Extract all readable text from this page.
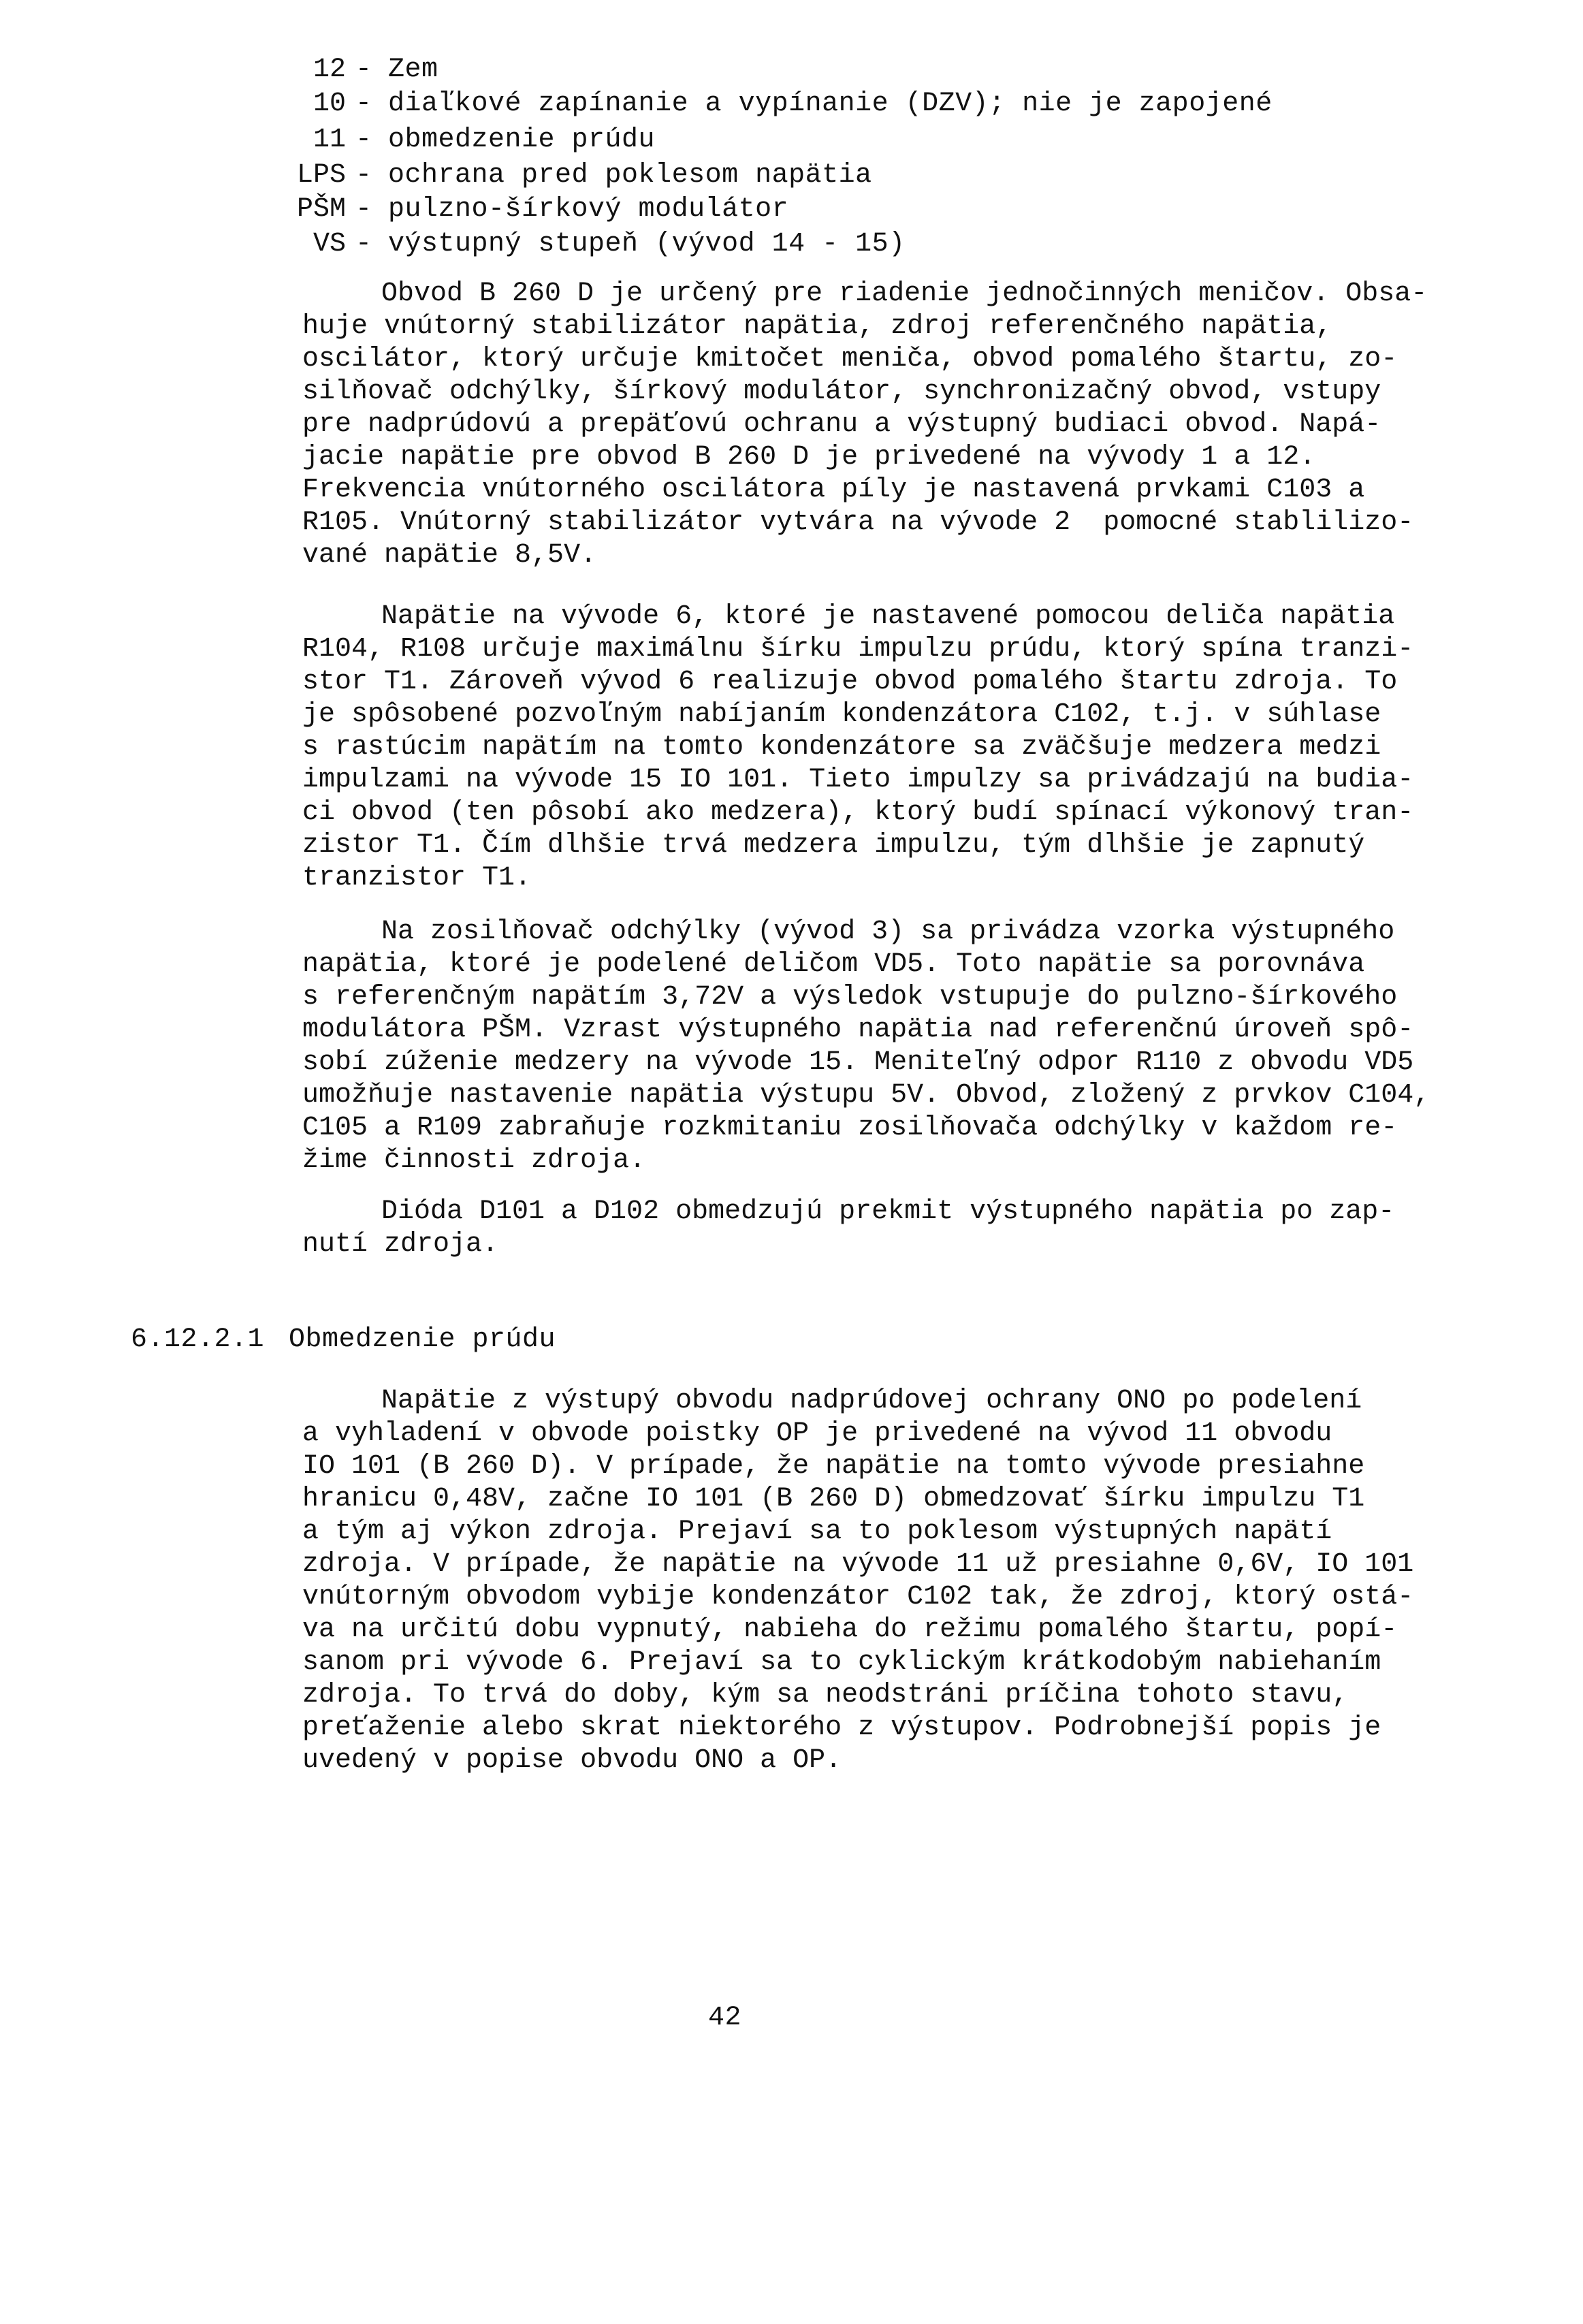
12 - Zem
10 - diaľkové zapínanie a vypínanie (DZV); nie je zapojené
11 - obmedzenie prúdu
LPS - ochrana pred poklesom napätia
PŠM - pulzno-šírkový modulátor
VS - výstupný stupeň (vývod 14 - 15)
Obvod B 260 D je určený pre riadenie jednočinných meničov. Obsa-
huje vnútorný stabilizátor napätia, zdroj referenčného napätia,
oscilátor, ktorý určuje kmitočet meniča, obvod pomalého štartu, zo-
silňovač odchýlky, šírkový modulátor, synchronizačný obvod, vstupy
pre nadprúdovú a prepäťovú ochranu a výstupný budiaci obvod. Napá-
jacie napätie pre obvod B 260 D je privedené na vývody 1 a 12.
Frekvencia vnútorného oscilátora píly je nastavená prvkami C103 a
R105. Vnútorný stabilizátor vytvára na vývode 2  pomocné stablilizo-
vané napätie 8,5V.
Napätie na vývode 6, ktoré je nastavené pomocou deliča napätia
R104, R108 určuje maximálnu šírku impulzu prúdu, ktorý spína tranzi-
stor T1. Zároveň vývod 6 realizuje obvod pomalého štartu zdroja. To
je spôsobené pozvoľným nabíjaním kondenzátora C102, t.j. v súhlase
s rastúcim napätím na tomto kondenzátore sa zväčšuje medzera medzi
impulzami na vývode 15 IO 101. Tieto impulzy sa privádzajú na budia-
ci obvod (ten pôsobí ako medzera), ktorý budí spínací výkonový tran-
zistor T1. Čím dlhšie trvá medzera impulzu, tým dlhšie je zapnutý
tranzistor T1.
Na zosilňovač odchýlky (vývod 3) sa privádza vzorka výstupného
napätia, ktoré je podelené deličom VD5. Toto napätie sa porovnáva
s referenčným napätím 3,72V a výsledok vstupuje do pulzno-šírkového
modulátora PŠM. Vzrast výstupného napätia nad referenčnú úroveň spô-
sobí zúženie medzery na vývode 15. Meniteľný odpor R110 z obvodu VD5
umožňuje nastavenie napätia výstupu 5V. Obvod, zložený z prvkov C104,
C105 a R109 zabraňuje rozkmitaniu zosilňovača odchýlky v každom re-
žime činnosti zdroja.
Dióda D101 a D102 obmedzujú prekmit výstupného napätia po zap-
nutí zdroja.
6.12.2.1 Obmedzenie prúdu
Napätie z výstupý obvodu nadprúdovej ochrany ONO po podelení
a vyhladení v obvode poistky OP je privedené na vývod 11 obvodu
IO 101 (B 260 D). V prípade, že napätie na tomto vývode presiahne
hranicu 0,48V, začne IO 101 (B 260 D) obmedzovať šírku impulzu T1
a tým aj výkon zdroja. Prejaví sa to poklesom výstupných napätí
zdroja. V prípade, že napätie na vývode 11 už presiahne 0,6V, IO 101
vnútorným obvodom vybije kondenzátor C102 tak, že zdroj, ktorý ostá-
va na určitú dobu vypnutý, nabieha do režimu pomalého štartu, popí-
sanom pri vývode 6. Prejaví sa to cyklickým krátkodobým nabiehaním
zdroja. To trvá do doby, kým sa neodstráni príčina tohoto stavu,
preťaženie alebo skrat niektorého z výstupov. Podrobnejší popis je
uvedený v popise obvodu ONO a OP.
42
